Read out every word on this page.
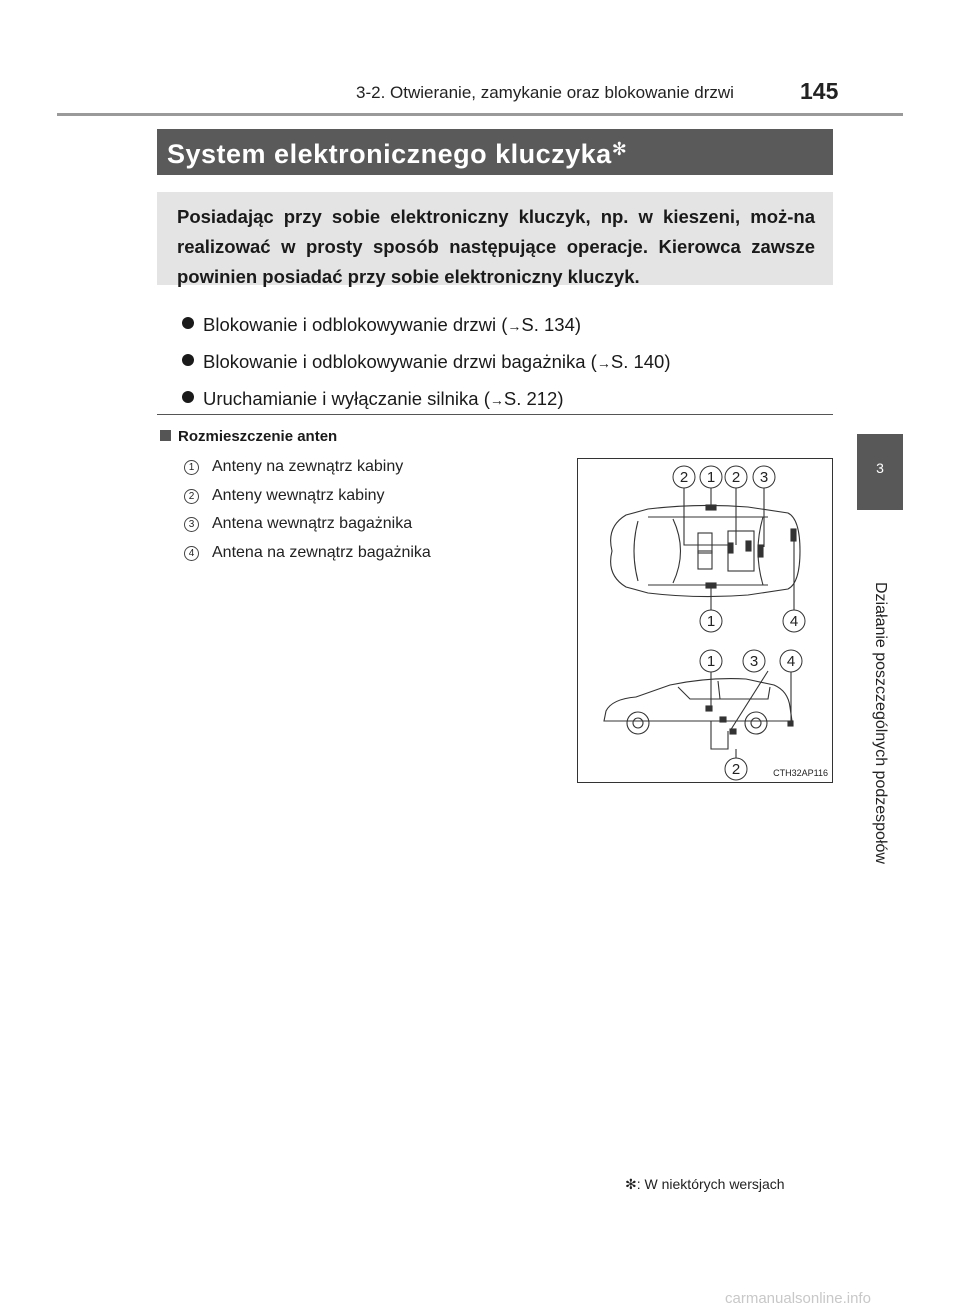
3-2. Otwieranie, zamykanie oraz blokowanie drzwi	145
3
Działanie poszczególnych podzespołów
System elektronicznego kluczyka✻
Posiadając przy sobie elektroniczny kluczyk, np. w kieszeni, moż-na realizować w prosty sposób następujące operacje. Kierowca zawsze powinien posiadać przy sobie elektroniczny kluczyk.
Blokowanie i odblokowywanie drzwi (→S. 134)
Blokowanie i odblokowywanie drzwi bagażnika (→S. 140)
Uruchamianie i wyłączanie silnika (→S. 212)
Rozmieszczenie anten
1 Anteny na zewnątrz kabiny
2 Anteny wewnątrz kabiny
3 Antena wewnątrz bagażnika
4 Antena na zewnątrz bagażnika
2 1 2 3
1	4
1 3 4
2	CTH32AP116
✻: W niektórych wersjach
carmanualsonline.info
